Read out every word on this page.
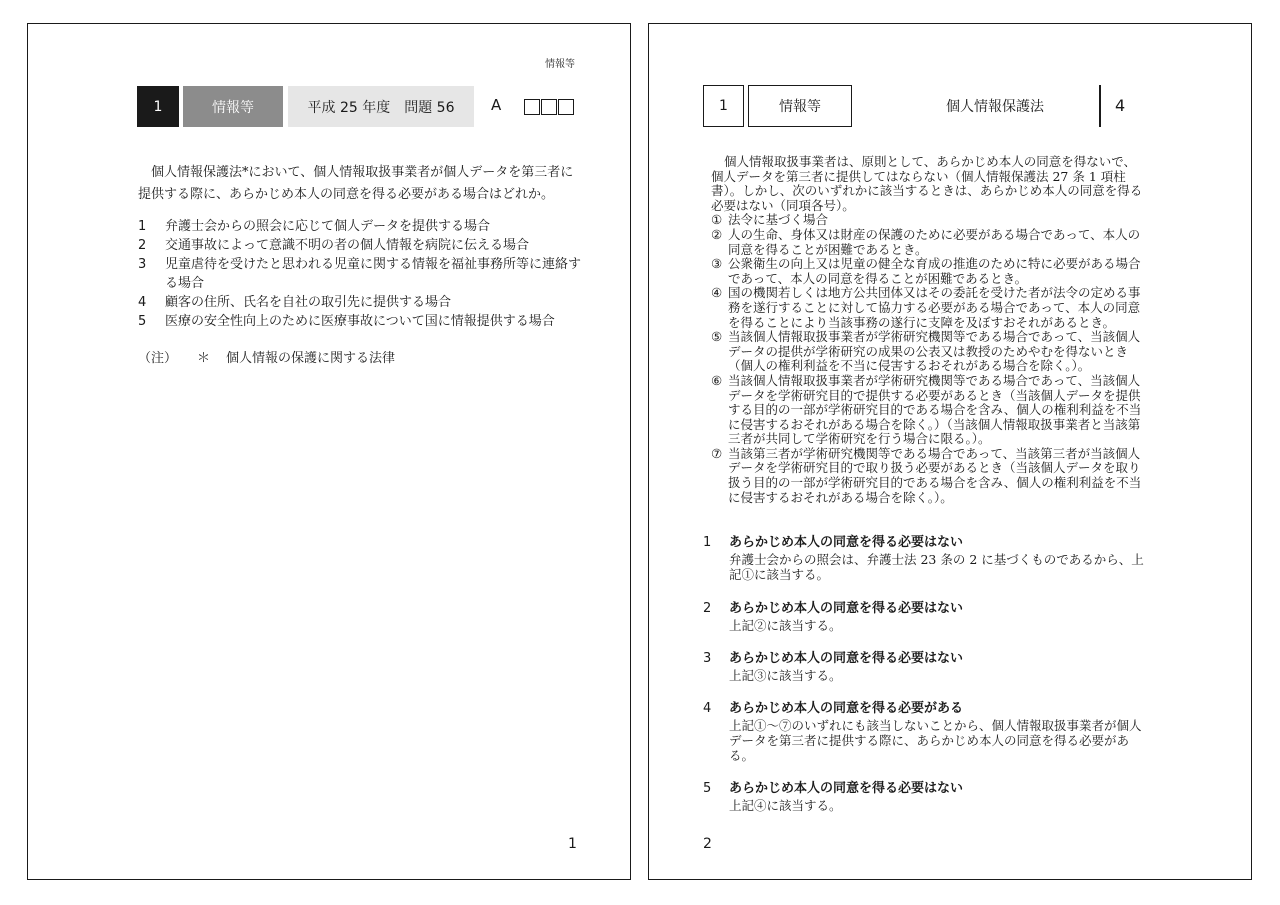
情報等
1	情報等	平成 25 年度　問題 56	A

個人情報保護法*において、個人情報取扱事業者が個人データを第三者に提供する際に、あらかじめ本人の同意を得る必要がある場合はどれか。

1	弁護士会からの照会に応じて個人データを提供する場合
2	交通事故によって意識不明の者の個人情報を病院に伝える場合
3	児童虐待を受けたと思われる児童に関する情報を福祉事務所等に連絡する場合
4	顧客の住所、氏名を自社の取引先に提供する場合
5	医療の安全性向上のために医療事故について国に情報提供する場合
（注） ＊ 個人情報の保護に関する法律
1
1	情報等	個人情報保護法	4

個人情報取扱事業者は、原則として、あらかじめ本人の同意を得ないで、個人データを第三者に提供してはならない（個人情報保護法 27 条 1 項柱書）。しかし、次のいずれかに該当するときは、あらかじめ本人の同意を得る必要はない（同項各号）。

① 法令に基づく場合
② 人の生命、身体又は財産の保護のために必要がある場合であって、本人の同意を得ることが困難であるとき。
③ 公衆衛生の向上又は児童の健全な育成の推進のために特に必要がある場合であって、本人の同意を得ることが困難であるとき。
④ 国の機関若しくは地方公共団体又はその委託を受けた者が法令の定める事務を遂行することに対して協力する必要がある場合であって、本人の同意を得ることにより当該事務の遂行に支障を及ぼすおそれがあるとき。
⑤ 当該個人情報取扱事業者が学術研究機関等である場合であって、当該個人データの提供が学術研究の成果の公表又は教授のためやむを得ないとき（個人の権利利益を不当に侵害するおそれがある場合を除く。）。
⑥ 当該個人情報取扱事業者が学術研究機関等である場合であって、当該個人データを学術研究目的で提供する必要があるとき（当該個人データを提供する目的の一部が学術研究目的である場合を含み、個人の権利利益を不当に侵害するおそれがある場合を除く。）（当該個人情報取扱事業者と当該第三者が共同して学術研究を行う場合に限る。）。
⑦ 当該第三者が学術研究機関等である場合であって、当該第三者が当該個人データを学術研究目的で取り扱う必要があるとき（当該個人データを取り扱う目的の一部が学術研究目的である場合を含み、個人の権利利益を不当に侵害するおそれがある場合を除く。）。
1	あらかじめ本人の同意を得る必要はない

弁護士会からの照会は、弁護士法 23 条の 2 に基づくものであるから、上記①に該当する。

2	あらかじめ本人の同意を得る必要はない

上記②に該当する。

3	あらかじめ本人の同意を得る必要はない

上記③に該当する。

4	あらかじめ本人の同意を得る必要がある

上記①～⑦のいずれにも該当しないことから、個人情報取扱事業者が個人データを第三者に提供する際に、あらかじめ本人の同意を得る必要がある。

5	あらかじめ本人の同意を得る必要はない

上記④に該当する。

2
